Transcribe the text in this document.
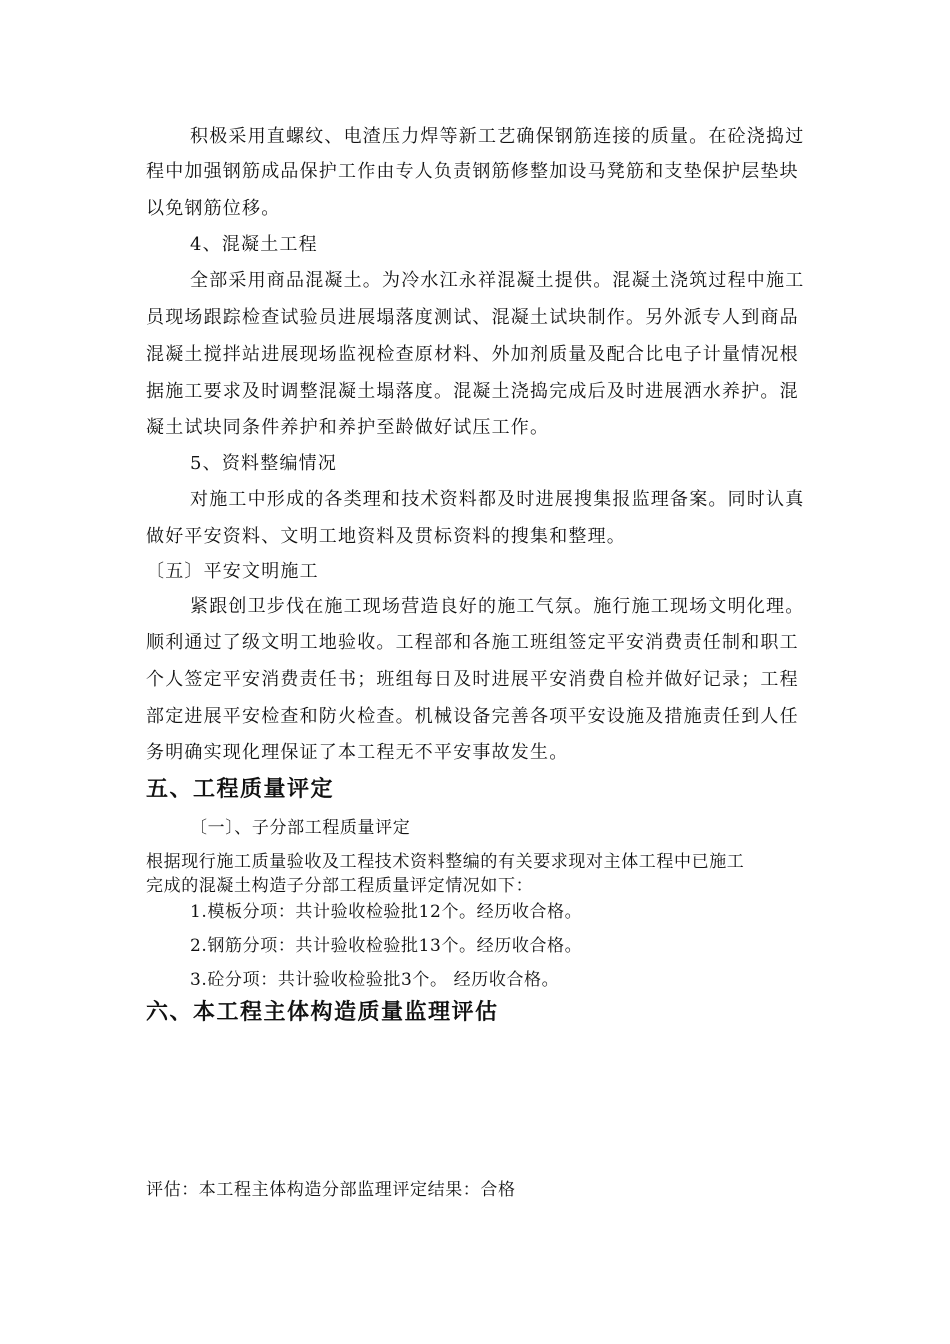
积极采用直螺纹、电渣压力焊等新工艺确保钢筋连接的质量。在砼浇捣过
程中加强钢筋成品保护工作由专人负责钢筋修整加设马凳筋和支垫保护层垫块
以免钢筋位移。
4、混凝土工程
全部采用商品混凝土。为冷水江永祥混凝土提供。混凝土浇筑过程中施工
员现场跟踪检查试验员进展塌落度测试、混凝土试块制作。另外派专人到商品
混凝土搅拌站进展现场监视检查原材料、外加剂质量及配合比电子计量情况根
据施工要求及时调整混凝土塌落度。混凝土浇捣完成后及时进展洒水养护。混
凝土试块同条件养护和养护至龄做好试压工作。
5、资料整编情况
对施工中形成的各类理和技术资料都及时进展搜集报监理备案。同时认真
做好平安资料、文明工地资料及贯标资料的搜集和整理。
〔五〕平安文明施工
紧跟创卫步伐在施工现场营造良好的施工气氛。施行施工现场文明化理。
顺利通过了级文明工地验收。工程部和各施工班组签定平安消费责任制和职工
个人签定平安消费责任书；班组每日及时进展平安消费自检并做好记录；工程
部定进展平安检查和防火检查。机械设备完善各项平安设施及措施责任到人任
务明确实现化理保证了本工程无不平安事故发生。
五、工程质量评定
〔一〕、子分部工程质量评定
根据现行施工质量验收及工程技术资料整编的有关要求现对主体工程中已施工
完成的混凝土构造子分部工程质量评定情况如下：
1.模板分项：共计验收检验批12个。经历收合格。
2.钢筋分项：共计验收检验批13个。经历收合格。
3.砼分项：共计验收检验批3个。 经历收合格。
六、本工程主体构造质量监理评估
评估：本工程主体构造分部监理评定结果：合格
